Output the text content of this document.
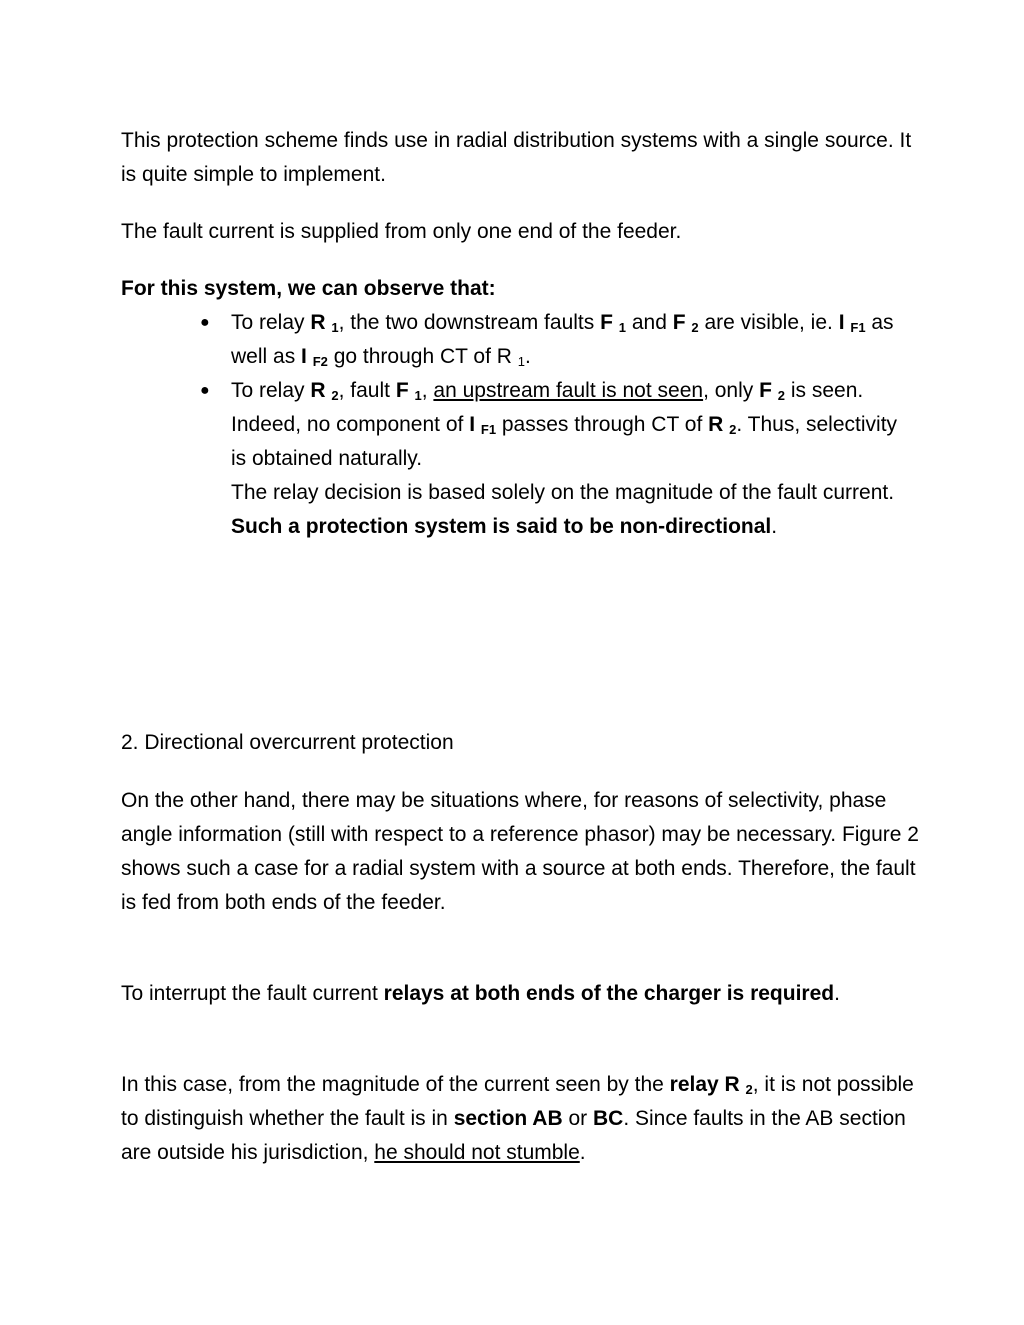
This protection scheme finds use in radial distribution systems with a single source. It is quite simple to implement.

The fault current is supplied from only one end of the feeder.

For this system, we can observe that:

● To relay R $_1$, the two downstream faults F $_1$ and F $_2$ are visible, ie. I $_{F1}$ as well as I $_{F2}$ go through CT of R $_1$.
● To relay R $_2$, fault F $_1$, an upstream fault is not seen, only F $_2$ is seen. Indeed, no component of I $_{F1}$ passes through CT of R $_2$. Thus, selectivity is obtained naturally.
The relay decision is based solely on the magnitude of the fault current. Such a protection system is said to be non-directional.

2. Directional overcurrent protection

On the other hand, there may be situations where, for reasons of selectivity, phase angle information (still with respect to a reference phasor) may be necessary. Figure 2 shows such a case for a radial system with a source at both ends. Therefore, the fault is fed from both ends of the feeder.

To interrupt the fault current relays at both ends of the charger is required.

In this case, from the magnitude of the current seen by the relay R $_2$, it is not possible to distinguish whether the fault is in section AB or BC. Since faults in the AB section are outside his jurisdiction, he should not stumble.
